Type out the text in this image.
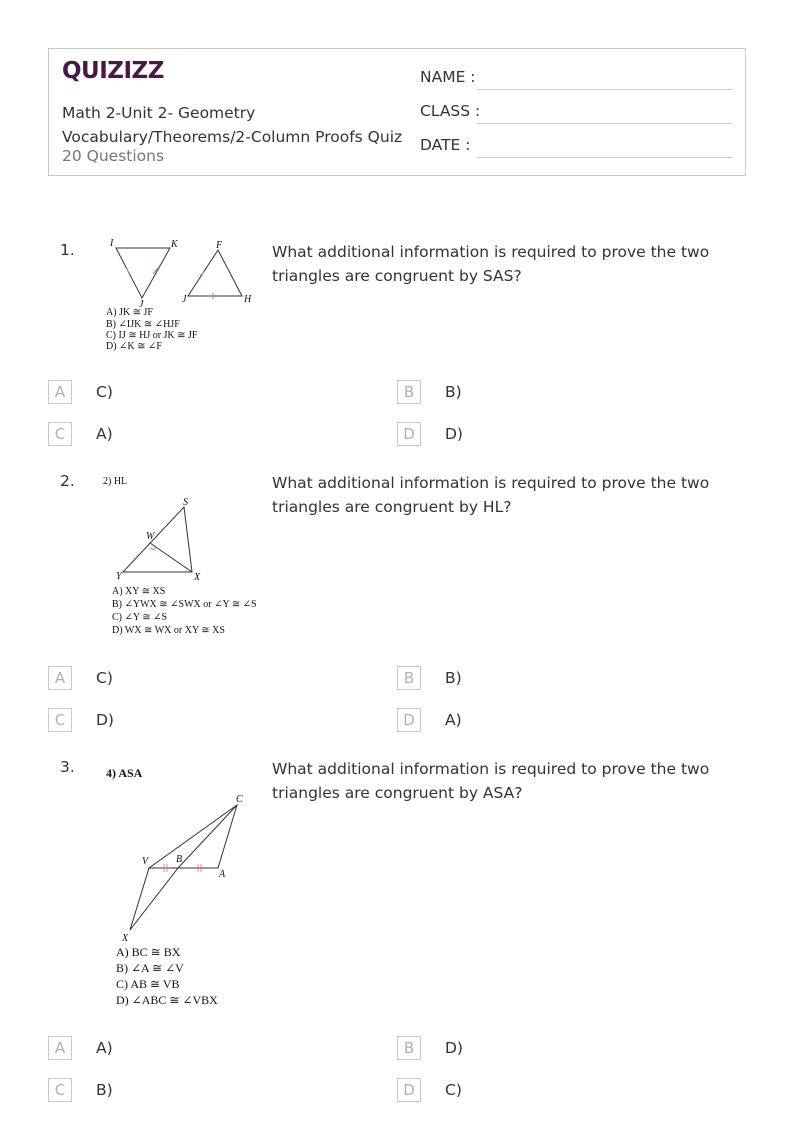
QUIZIZZ
Math 2-Unit 2- Geometry
Vocabulary/Theorems/2-Column Proofs Quiz
20 Questions
NAME :
CLASS :
DATE :
1.	What additional information is required to prove the two triangles are congruent by SAS?
I	K
J
F
J	H
A) JK ≅ JF
B) ∠IJK ≅ ∠HJF
C) IJ ≅ HJ or JK ≅ JF
D) ∠K ≅ ∠F
A	C)	B	B)
C	A)	D	D)
2.	What additional information is required to prove the two triangles are congruent by HL?
2) HL
S
W
Y	X
A) XY ≅ XS
B) ∠YWX ≅ ∠SWX or ∠Y ≅ ∠S
C) ∠Y ≅ ∠S
D) WX ≅ WX or XY ≅ XS
A	C)	B	B)
C	D)	D	A)
3.	What additional information is required to prove the two triangles are congruent by ASA?
4) ASA
C
V	B
A
X
A) BC ≅ BX
B) ∠A ≅ ∠V
C) AB ≅ VB
D) ∠ABC ≅ ∠VBX
A	A)	B	D)
C	B)	D	C)
